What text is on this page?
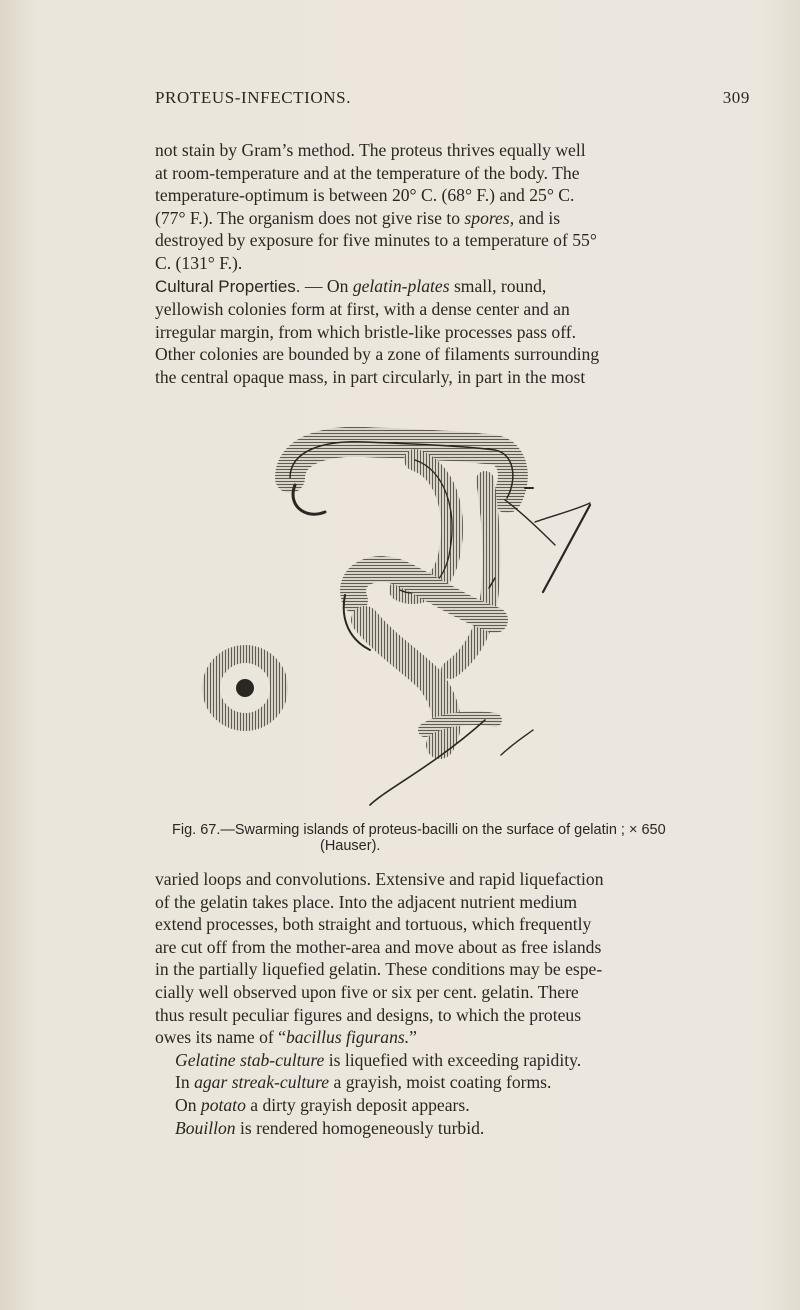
PROTEUS-INFECTIONS.	309
not stain by Gram’s method. The proteus thrives equally well
at room-temperature and at the temperature of the body. The
temperature-optimum is between 20° C. (68° F.) and 25° C.
(77° F.). The organism does not give rise to spores, and is
destroyed by exposure for five minutes to a temperature of 55°
C. (131° F.).
Cultural Properties. — On gelatin-plates small, round,
yellowish colonies form at first, with a dense center and an
irregular margin, from which bristle-like processes pass off.
Other colonies are bounded by a zone of filaments surrounding
the central opaque mass, in part circularly, in part in the most
Fig. 67.—Swarming islands of proteus-bacilli on the surface of gelatin ; × 650
(Hauser).
varied loops and convolutions. Extensive and rapid liquefaction
of the gelatin takes place. Into the adjacent nutrient medium
extend processes, both straight and tortuous, which frequently
are cut off from the mother-area and move about as free islands
in the partially liquefied gelatin. These conditions may be espe-
cially well observed upon five or six per cent. gelatin. There
thus result peculiar figures and designs, to which the proteus
owes its name of “bacillus figurans.”
Gelatine stab-culture is liquefied with exceeding rapidity.
In agar streak-culture a grayish, moist coating forms.
On potato a dirty grayish deposit appears.
Bouillon is rendered homogeneously turbid.
